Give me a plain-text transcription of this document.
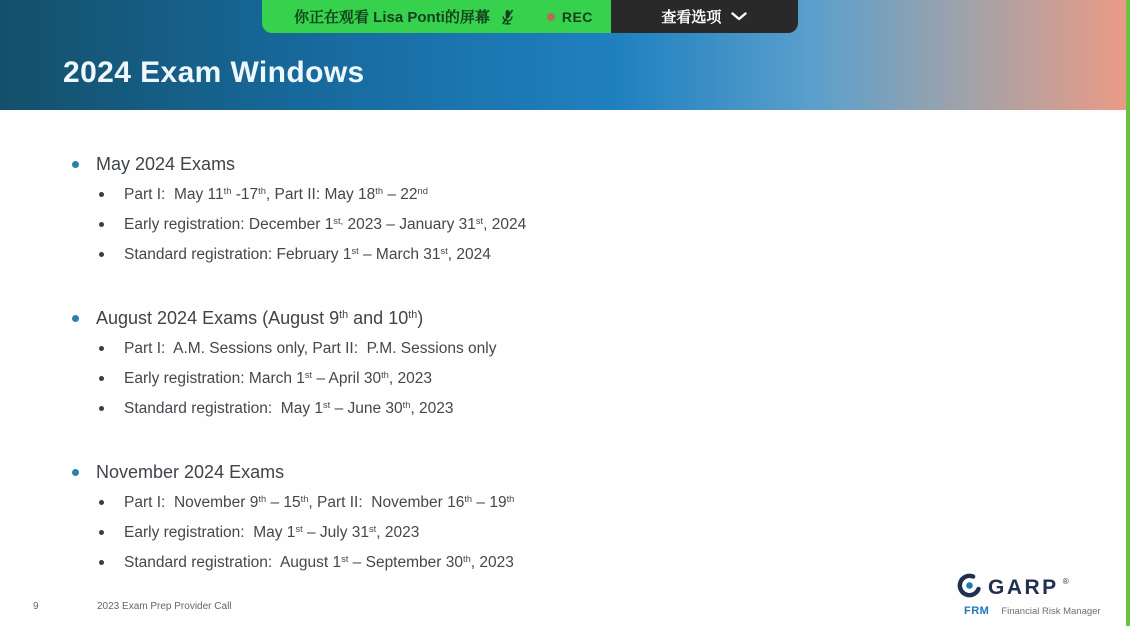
2024 Exam Windows
你正在观看 Lisa Ponti的屏幕	REC	查看选项
May 2024 Exams
Part I:  May 11th -17th, Part II: May 18th – 22nd
Early registration: December $1^{st,}$ 2023 – January 31st, 2024
Standard registration: February 1st – March 31st, 2024
August 2024 Exams (August 9th and 10th)
Part I:  A.M. Sessions only, Part II:  P.M. Sessions only
Early registration: March 1st – April 30th, 2023
Standard registration:  May 1st – June 30th, 2023
November 2024 Exams
Part I:  November 9th – 15th, Part II:  November 16th – 19th
Early registration:  May 1st – July 31st, 2023
Standard registration:  August 1st – September 30th, 2023
9	2023 Exam Prep Provider Call
GARP ®
FRM Financial Risk Manager
